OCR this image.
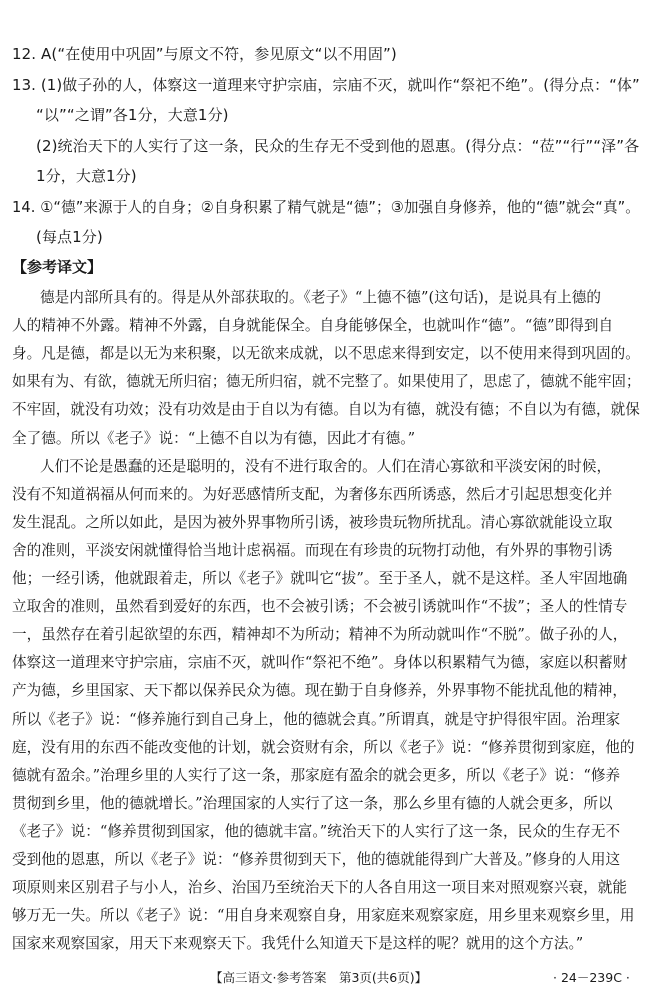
12. A(“在使用中巩固”与原文不符，参见原文“以不用固”)
13. (1)做子孙的人，体察这一道理来守护宗庙，宗庙不灭，就叫作“祭祀不绝”。(得分点：“体”
“以”“之谓”各1分，大意1分)
(2)统治天下的人实行了这一条，民众的生存无不受到他的恩惠。(得分点：“莅”“行”“泽”各
1分，大意1分)
14. ①“德”来源于人的自身；②自身积累了精气就是“德”；③加强自身修养，他的“德”就会“真”。
(每点1分)
【参考译文】
德是内部所具有的。得是从外部获取的。《老子》“上德不德”(这句话)，是说具有上德的
人的精神不外露。精神不外露，自身就能保全。自身能够保全，也就叫作“德”。“德”即得到自
身。凡是德，都是以无为来积聚，以无欲来成就，以不思虑来得到安定，以不使用来得到巩固的。
如果有为、有欲，德就无所归宿；德无所归宿，就不完整了。如果使用了，思虑了，德就不能牢固；
不牢固，就没有功效；没有功效是由于自以为有德。自以为有德，就没有德；不自以为有德，就保
全了德。所以《老子》说：“上德不自以为有德，因此才有德。”
人们不论是愚蠢的还是聪明的，没有不进行取舍的。人们在清心寡欲和平淡安闲的时候，
没有不知道祸福从何而来的。为好恶感情所支配，为奢侈东西所诱惑，然后才引起思想变化并
发生混乱。之所以如此，是因为被外界事物所引诱，被珍贵玩物所扰乱。清心寡欲就能设立取
舍的准则，平淡安闲就懂得恰当地计虑祸福。而现在有珍贵的玩物打动他，有外界的事物引诱
他；一经引诱，他就跟着走，所以《老子》就叫它“拔”。至于圣人，就不是这样。圣人牢固地确
立取舍的准则，虽然看到爱好的东西，也不会被引诱；不会被引诱就叫作“不拔”；圣人的性情专
一，虽然存在着引起欲望的东西，精神却不为所动；精神不为所动就叫作“不脱”。做子孙的人，
体察这一道理来守护宗庙，宗庙不灭，就叫作“祭祀不绝”。身体以积累精气为德，家庭以积蓄财
产为德，乡里国家、天下都以保养民众为德。现在勤于自身修养，外界事物不能扰乱他的精神，
所以《老子》说：“修养施行到自己身上，他的德就会真。”所谓真，就是守护得很牢固。治理家
庭，没有用的东西不能改变他的计划，就会资财有余，所以《老子》说：“修养贯彻到家庭，他的
德就有盈余。”治理乡里的人实行了这一条，那家庭有盈余的就会更多，所以《老子》说：“修养
贯彻到乡里，他的德就增长。”治理国家的人实行了这一条，那么乡里有德的人就会更多，所以
《老子》说：“修养贯彻到国家，他的德就丰富。”统治天下的人实行了这一条，民众的生存无不
受到他的恩惠，所以《老子》说：“修养贯彻到天下，他的德就能得到广大普及。”修身的人用这
项原则来区别君子与小人，治乡、治国乃至统治天下的人各自用这一项目来对照观察兴衰，就能
够万无一失。所以《老子》说：“用自身来观察自身，用家庭来观察家庭，用乡里来观察乡里，用
国家来观察国家，用天下来观察天下。我凭什么知道天下是这样的呢？就用的这个方法。”
【高三语文·参考答案　第3页(共6页)】	· 24－239C ·
